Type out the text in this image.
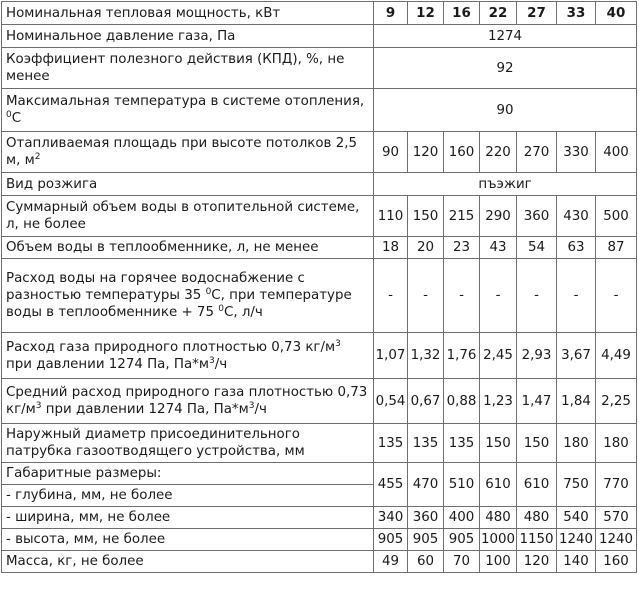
Номинальная тепловая мощность, кВт	9	12	16	22	27	33	40
Номинальное давление газа, Па	1274						
Коэффициент полезного действия (КПД), %, не менее	92						
Максимальная температура в системе отопления, $^0$С	90						
Отапливаемая площадь при высоте потолков 2,5 м, $м^2$	90	120	160	220	270	330	400
Вид розжига	пъэжиг						
Суммарный объем воды в отопительной системе, л, не более	110	150	215	290	360	430	500
Объем воды в теплообменнике, л, не менее	18	20	23	43	54	63	87
Расход воды на горячее водоснабжение с разностью температуры 35 $^0$С, при температуре воды в теплообменнике + 75 $^0$С, л/ч	-	-	-	-	-	-	-
Расход газа природного плотностью 0,73 $кг/м^3$ при давлении 1274 Па, $Па*м^3/ч$	1,07	1,32	1,76	2,45	2,93	3,67	4,49
Средний расход природного газа плотностью 0,73 $кг/м^3$ при давлении 1274 Па, $Па*м^3/ч$	0,54	0,67	0,88	1,23	1,47	1,84	2,25
Наружный диаметр присоединительного патрубка газоотводящего устройства, мм	135	135	135	150	150	180	180
Габаритные размеры:	455	470	510	610	610	750	770
- глубина, мм, не более							
- ширина, мм, не более	340	360	400	480	480	540	570
- высота, мм, не более	905	905	905	1000	1150	1240	1240
Масса, кг, не более	49	60	70	100	120	140	160
